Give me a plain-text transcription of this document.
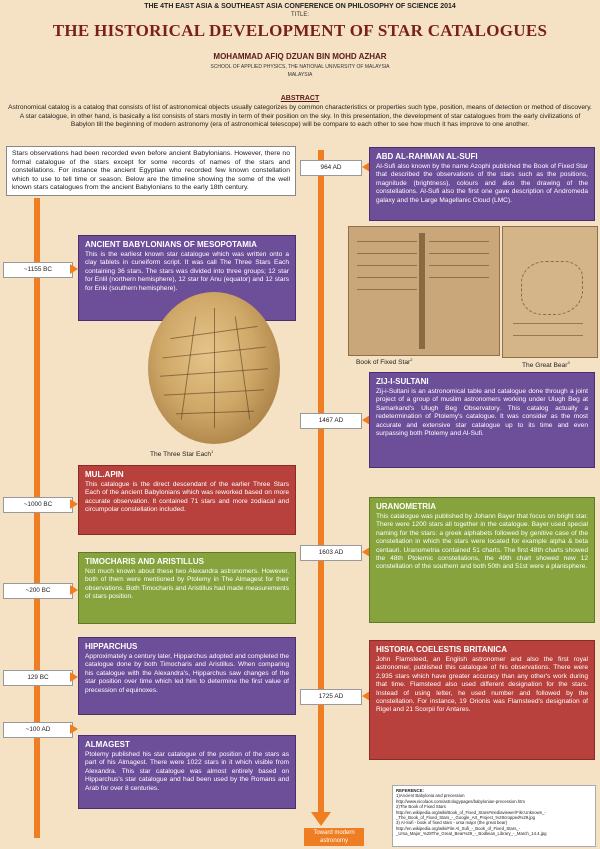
THE 4TH EAST ASIA & SOUTHEAST ASIA CONFERENCE ON PHILOSOPHY OF SCIENCE 2014
TITLE:
THE HISTORICAL DEVELOPMENT OF STAR CATALOGUES
MOHAMMAD AFIQ DZUAN BIN MOHD AZHAR
SCHOOL OF APPLIED PHYSICS, THE NATIONAL UNIVERSITY OF MALAYSIA
MALAYSIA
ABSTRACT
Astronomical catalog is a catalog that consists of list of astronomical objects usually categorizes by common characteristics or properties such type, position, means of detection or method of discovery. A star catalogue, in other hand, is basically a list consists of stars mostly in term of their position on the sky. In this presentation, the development of star catalogues from the early civilizations of Babylon till the beginning of modern astronomy (era of astronomical telescope) will be compare to each other to see how much it has improve to one another.
Stars observations had been recorded even before ancient Babylonians. However, there no formal catalogue of the stars except for some records of names of the stars and constellations. For instance the ancient Egyptian who recorded few known constellation which to use to tell time or season. Below are the timeline showing the some of the well known stars catalogues from the ancient Babylonians to the early 18th century.
Toward modern astronomy
~1155 BC
~1000 BC
~200 BC
129 BC
~100 AD
ANCIENT BABYLONIANS OF MESOPOTAMIA
This is the earliest known star catalogue which was written onto a clay tablets in cuneiform script. It was call The Three Stars Each containing 36 stars. The stars was divided into three groups; 12 star for Enlil (northern hemisphere), 12 star for Anu (equator) and 12 stars for Enki (southern hemisphere).
The Three Star Each$^1$
MUL.APIN
This catalogue is the direct descendant of the earlier Three Stars Each of the ancient Babylonians which was reworked based on more accurate observation. It contained 71 stars and more zodiacal and circumpolar constellation included.
TIMOCHARIS AND ARISTILLUS
Not much known about these two Alexandra astronomers. However, both of them were mentioned by Ptolemy in The Almagest for their observations. Both Timocharis and Aristillus had made measurements of stars position.
HIPPARCHUS
Approximately a century later, Hipparchus adopted and completed the catalogue done by both Timocharis and Aristillus. When comparing his catalogue with the Alexandra's, Hipparchus saw changes of the star position over time which led him to determine the first value of precession of equinoxes.
ALMAGEST
Ptolemy published his star catalogue of the position of the stars as part of his Almagest. There were 1022 stars in it which visible from Alexandra. This star catalogue was almost entirely based on Hipparchus's star catalogue and had been used by the Romans and Arab for over 8 centuries.
964 AD
1467 AD
1603 AD
1725 AD
ABD AL-RAHMAN AL-SUFI
Al-Sufi also known by the name Azophi published the Book of Fixed Star that described the observations of the stars such as the positions, magnitude (brightness), colours and also the drawing of the constellations. Al-Sufi also the first one gave description of Andromeda galaxy and the Large Magellanic Cloud (LMC).
Book of Fixed Star$^2$
The Great Bear$^3$
ZIJ-I-SULTANI
Zij-i-Sultani is an astronomical table and catalogue done through a joint project of a group of muslim astronomers working under Ulugh Beg at Samarkand's Ulugh Beg Observatory. This catalog actually a redetermination of Ptolemy's catalogue. It was consider as the most accurate and extensive star catalogue up to its time and even surpassing both Ptolemy and Al-Sufi.
URANOMETRIA
This catalogue was published by Johann Bayer that focus on bright star. There were 1200 stars all together in the catalogue. Bayer used special naming for the stars: a greek alphabets followed by genitive case of the constellation in which the stars were located for example alpha & beta centauri. Uranometria contained 51 charts. The first 48th charts showed the 48th Ptolemic constellations, the 49th chart showed new 12 constellation of the southern and both 50th and 51st were a planisphere.
HISTORIA COELESTIS BRITANICA
John Flamsteed, an English astronomer and also the first royal astronomer, published this catalogue of his observations. There were 2,935 stars which have greater accuracy than any other's work during that time. Flamsteed also used different designation for the stars. Instead of using letter, he used number and followed by the constellation. For instance, 19 Orionis was Flamsteed's designation of Rigel and 21 Scorpii for Antares.
REFERENCE:
1)Ancient Babylonia and precession
http://www.nicolaos.com/astrologypages/babylonian-precession.htm
2)The Book of Fixed Stars
http://en.wikipedia.org/wiki/Book_of_Fixed_Stars#mediaviewer/File:Unknown_-_The_Book_of_Fixed_Stars_-_Google_Art_Project_%28cropped%29.jpg
3) Al-Sufi - book of fixed stars - ursa major (the great bear)
http://en.wikipedia.org/wiki/File:Al_Sufi_-_Book_of_Fixed_Stars_-_Ursa_Major_%28The_Great_Bear%29_-_Bodleian_Library_-_March_14.4.jpg
